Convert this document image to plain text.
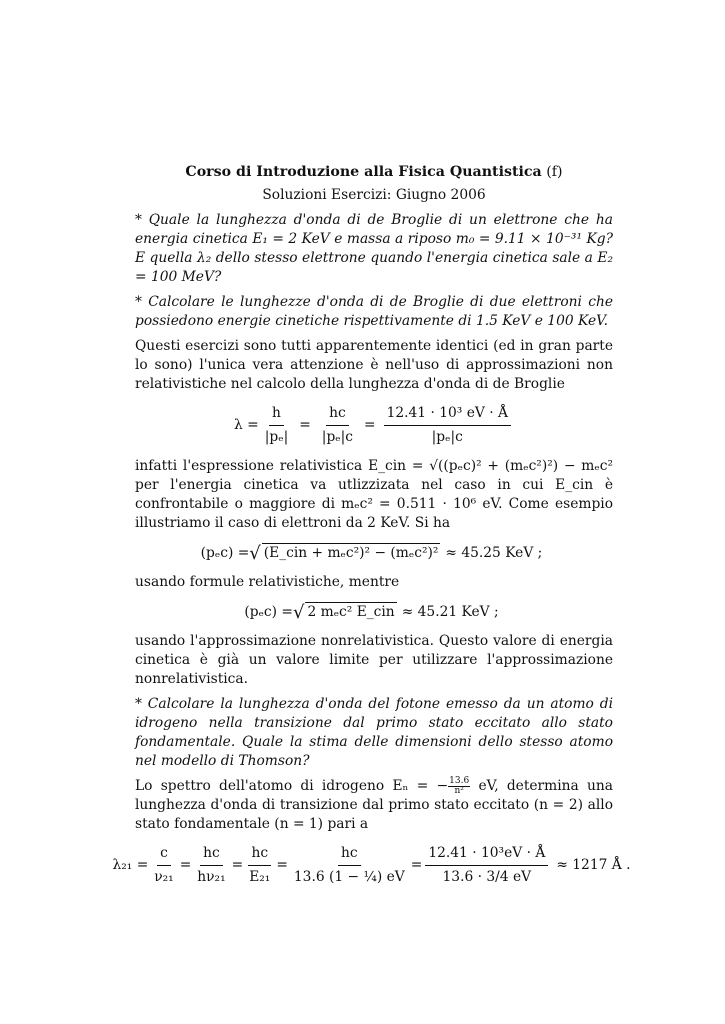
Corso di Introduzione alla Fisica Quantistica (f)
Soluzioni Esercizi: Giugno 2006

* Quale la lunghezza d'onda di de Broglie di un elettrone che ha energia cinetica E₁ = 2 KeV e massa a riposo m₀ = 9.11 × 10⁻³¹ Kg? E quella λ₂ dello stesso elettrone quando l'energia cinetica sale a E₂ = 100 MeV?

* Calcolare le lunghezze d'onda di de Broglie di due elettroni che possiedono energie cinetiche rispettivamente di 1.5 KeV e 100 KeV.

Questi esercizi sono tutti apparentemente identici (ed in gran parte lo sono) l'unica vera attenzione è nell'uso di approssimazioni non relativistiche nel calcolo della lunghezza d'onda di de Broglie

$\lambda = \frac{h}{\text{|pₑ|}} = \frac{hc}{\text{|pₑ|c}} = \frac{\text{12.41 · 10³ eV · Å}}{\text{|pₑ|c}}$

infatti l'espressione relativistica E_cin = √((pₑc)² + (mₑc²)²) − mₑc² per l'energia cinetica va utlizzizata nel caso in cui E_cin è confrontabile o maggiore di mₑc² = 0.511 · 10⁶ eV. Come esempio illustriamo il caso di elettroni da 2 KeV. Si ha

(pₑc) = √ (E_cin + mₑc²)² − (mₑc²)² ≈ 45.25 KeV ;

usando formule relativistiche, mentre

(pₑc) = √ 2 mₑc² E_cin ≈ 45.21 KeV ;

usando l'approssimazione nonrelativistica. Questo valore di energia cinetica è già un valore limite per utilizzare l'approssimazione nonrelativistica.

* Calcolare la lunghezza d'onda del fotone emesso da un atomo di idrogeno nella transizione dal primo stato eccitato allo stato fondamentale. Quale la stima delle dimensioni dello stesso atomo nel modello di Thomson?

Lo spettro dell'atomo di idrogeno Eₙ = − $\frac{13.6}{\text{n²}}$ eV, determina una lunghezza d'onda di transizione dal primo stato eccitato (n = 2) allo stato fondamentale (n = 1) pari a

$\lambda_{21} = \frac{c}{\text{ν₂₁}} = \frac{hc}{\text{hν₂₁}} = \frac{hc}{\text{E₂₁}} = \frac{hc}{\text{13.6 (1 − ¼) eV}} = \frac{\text{12.41 · 10³eV · Å}}{13.6 \cdot 3/4 eV} \approx 1217$ Å .
